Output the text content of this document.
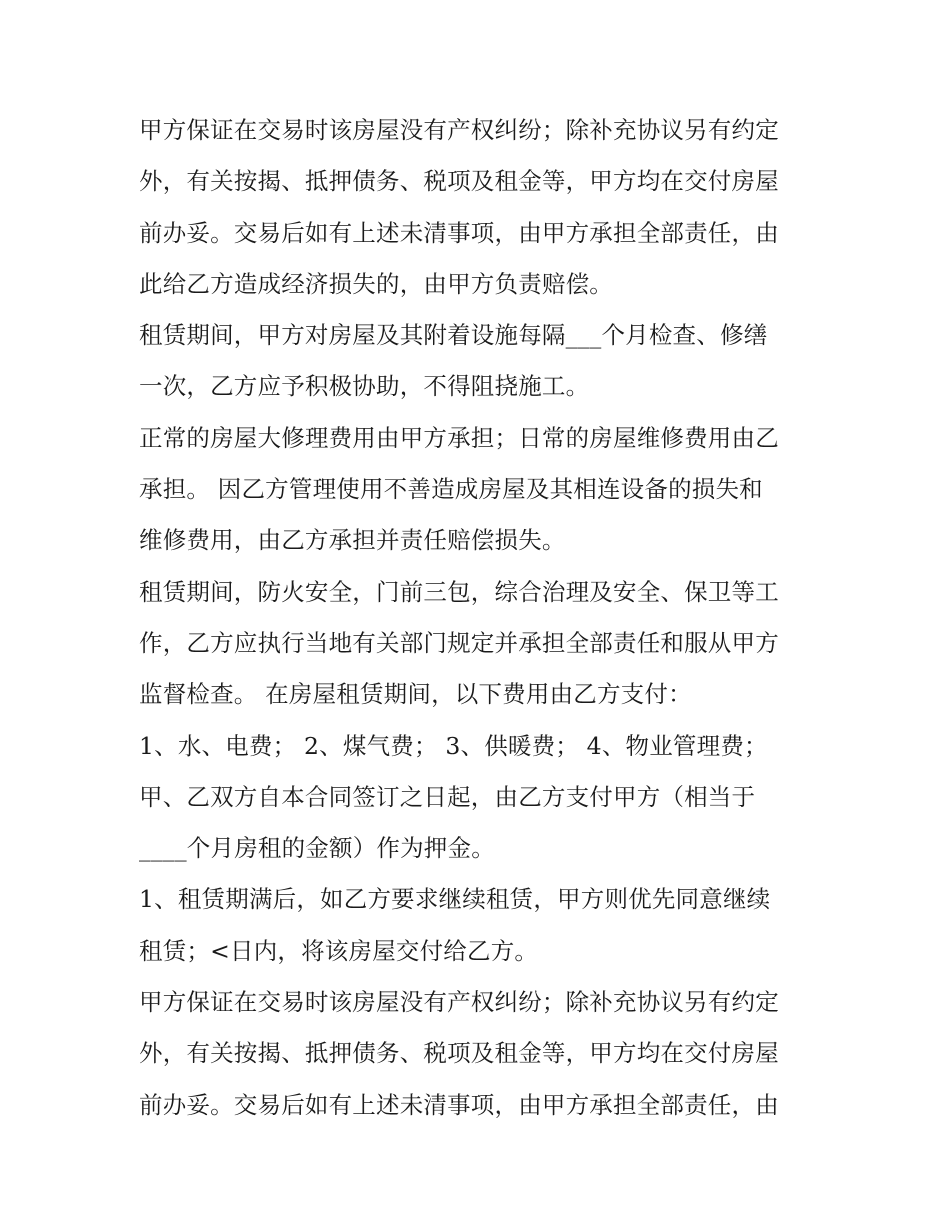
甲方保证在交易时该房屋没有产权纠纷；除补充协议另有约定
外，有关按揭、抵押债务、税项及租金等，甲方均在交付房屋
前办妥。交易后如有上述未清事项，由甲方承担全部责任，由
此给乙方造成经济损失的，由甲方负责赔偿。
租赁期间，甲方对房屋及其附着设施每隔___个月检查、修缮
一次，乙方应予积极协助，不得阻挠施工。
正常的房屋大修理费用由甲方承担；日常的房屋维修费用由乙
承担。 因乙方管理使用不善造成房屋及其相连设备的损失和
维修费用，由乙方承担并责任赔偿损失。
租赁期间，防火安全，门前三包，综合治理及安全、保卫等工
作，乙方应执行当地有关部门规定并承担全部责任和服从甲方
监督检查。 在房屋租赁期间，以下费用由乙方支付：
1、水、电费； 2、煤气费； 3、供暖费； 4、物业管理费；
甲、乙双方自本合同签订之日起，由乙方支付甲方（相当于
____个月房租的金额）作为押金。
1、租赁期满后，如乙方要求继续租赁，甲方则优先同意继续
租赁；<日内，将该房屋交付给乙方。
甲方保证在交易时该房屋没有产权纠纷；除补充协议另有约定
外，有关按揭、抵押债务、税项及租金等，甲方均在交付房屋
前办妥。交易后如有上述未清事项，由甲方承担全部责任，由
